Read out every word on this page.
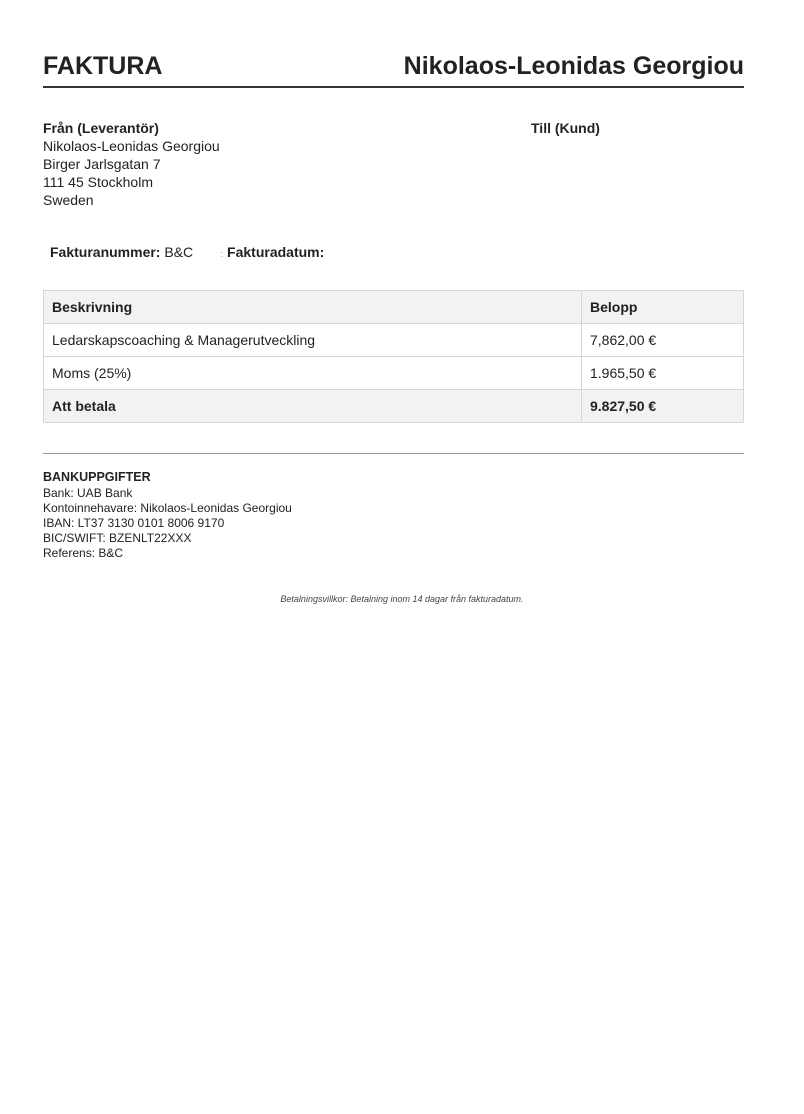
FAKTURA	Nikolaos-Leonidas Georgiou
Från (Leverantör)
Nikolaos-Leonidas Georgiou
Birger Jarlsgatan 7
111 45 Stockholm
Sweden
Till (Kund)
Fakturanummer: B&C	: Fakturadatum:
Beskrivning	Belopp
Ledarskapscoaching & Managerutveckling	7,862,00 €
Moms (25%)	1.965,50 €
Att betala	9.827,50 €
BANKUPPGIFTER
Bank: UAB Bank
Kontoinnehavare: Nikolaos-Leonidas Georgiou
IBAN: LT37 3130 0101 8006 9170
BIC/SWIFT: BZENLT22XXX
Referens: B&C
Betalningsvillkor: Betalning inom 14 dagar från fakturadatum.
